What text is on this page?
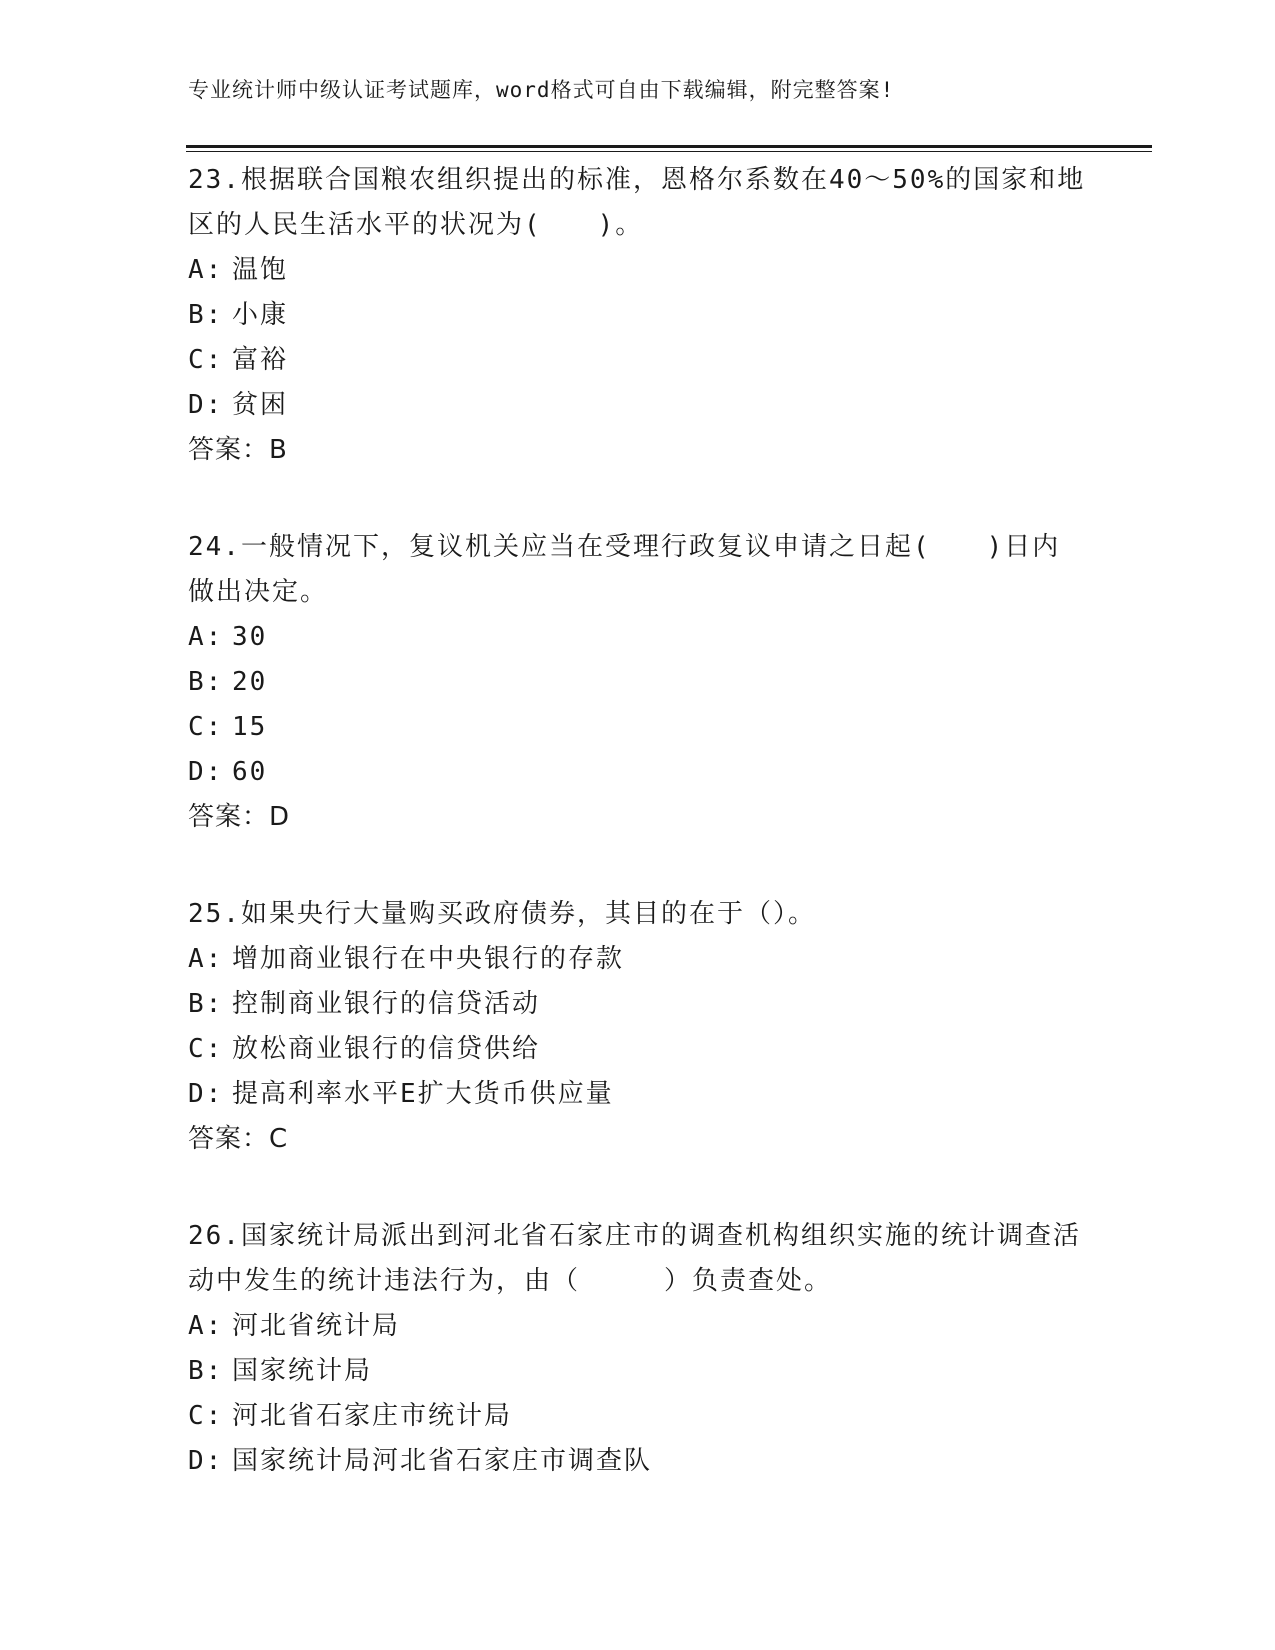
专业统计师中级认证考试题库，word格式可自由下载编辑，附完整答案!
23.根据联合国粮农组织提出的标准，恩格尔系数在40～50%的国家和地区的人民生活水平的状况为(　　)。
A: 温饱
B: 小康
C: 富裕
D: 贫困
答案：B
24.一般情况下，复议机关应当在受理行政复议申请之日起(　　)日内做出决定。
A: 30
B: 20
C: 15
D: 60
答案：D
25.如果央行大量购买政府债券，其目的在于（）。
A: 增加商业银行在中央银行的存款
B: 控制商业银行的信贷活动
C: 放松商业银行的信贷供给
D: 提高利率水平E扩大货币供应量
答案：C
26.国家统计局派出到河北省石家庄市的调查机构组织实施的统计调查活动中发生的统计违法行为，由（　　　）负责查处。
A: 河北省统计局
B: 国家统计局
C: 河北省石家庄市统计局
D: 国家统计局河北省石家庄市调查队
